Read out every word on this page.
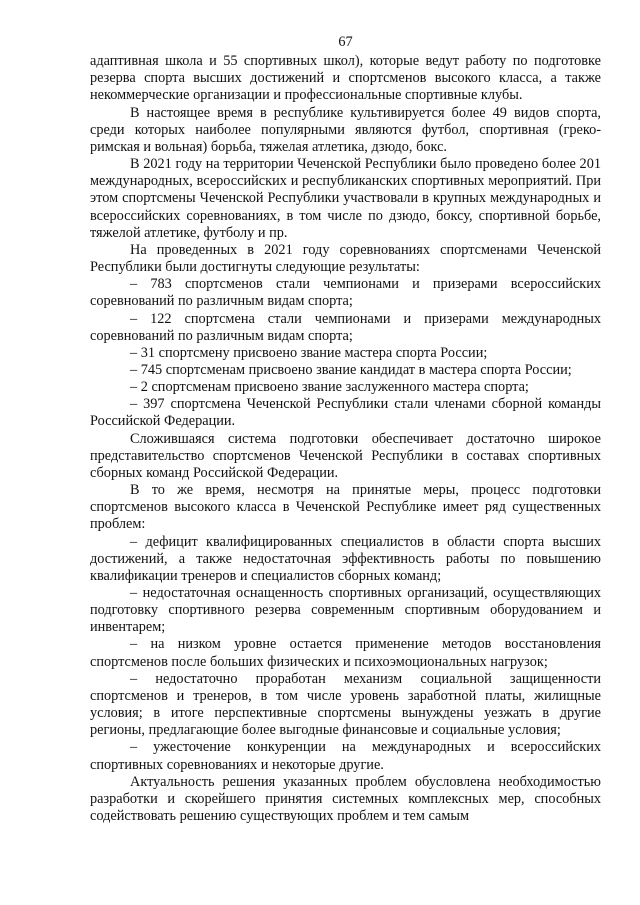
67

адаптивная школа и 55 спортивных школ), которые ведут работу по подготовке резерва спорта высших достижений и спортсменов высокого класса, а также некоммерческие организации и профессиональные спортивные клубы.

В настоящее время в республике культивируется более 49 видов спорта, среди которых наиболее популярными являются футбол, спортивная (греко-римская и вольная) борьба, тяжелая атлетика, дзюдо, бокс.

В 2021 году на территории Чеченской Республики было проведено более 201 международных, всероссийских и республиканских спортивных мероприятий. При этом спортсмены Чеченской Республики участвовали в крупных международных и всероссийских соревнованиях, в том числе по дзюдо, боксу, спортивной борьбе, тяжелой атлетике, футболу и пр.

На проведенных в 2021 году соревнованиях спортсменами Чеченской Республики были достигнуты следующие результаты:

– 783 спортсменов стали чемпионами и призерами всероссийских соревнований по различным видам спорта;

– 122 спортсмена стали чемпионами и призерами международных соревнований по различным видам спорта;

– 31 спортсмену присвоено звание мастера спорта России;

– 745 спортсменам присвоено звание кандидат в мастера спорта России;

– 2 спортсменам присвоено звание заслуженного мастера спорта;

– 397 спортсмена Чеченской Республики стали членами сборной команды Российской Федерации.

Сложившаяся система подготовки обеспечивает достаточно широкое представительство спортсменов Чеченской Республики в составах спортивных сборных команд Российской Федерации.

В то же время, несмотря на принятые меры, процесс подготовки спортсменов высокого класса в Чеченской Республике имеет ряд существенных проблем:

– дефицит квалифицированных специалистов в области спорта высших достижений, а также недостаточная эффективность работы по повышению квалификации тренеров и специалистов сборных команд;

– недостаточная оснащенность спортивных организаций, осуществляющих подготовку спортивного резерва современным спортивным оборудованием и инвентарем;

– на низком уровне остается применение методов восстановления спортсменов после больших физических и психоэмоциональных нагрузок;

– недостаточно проработан механизм социальной защищенности спортсменов и тренеров, в том числе уровень заработной платы, жилищные условия; в итоге перспективные спортсмены вынуждены уезжать в другие регионы, предлагающие более выгодные финансовые и социальные условия;

– ужесточение конкуренции на международных и всероссийских спортивных соревнованиях и некоторые другие.

Актуальность решения указанных проблем обусловлена необходимостью разработки и скорейшего принятия системных комплексных мер, способных содействовать решению существующих проблем и тем самым
